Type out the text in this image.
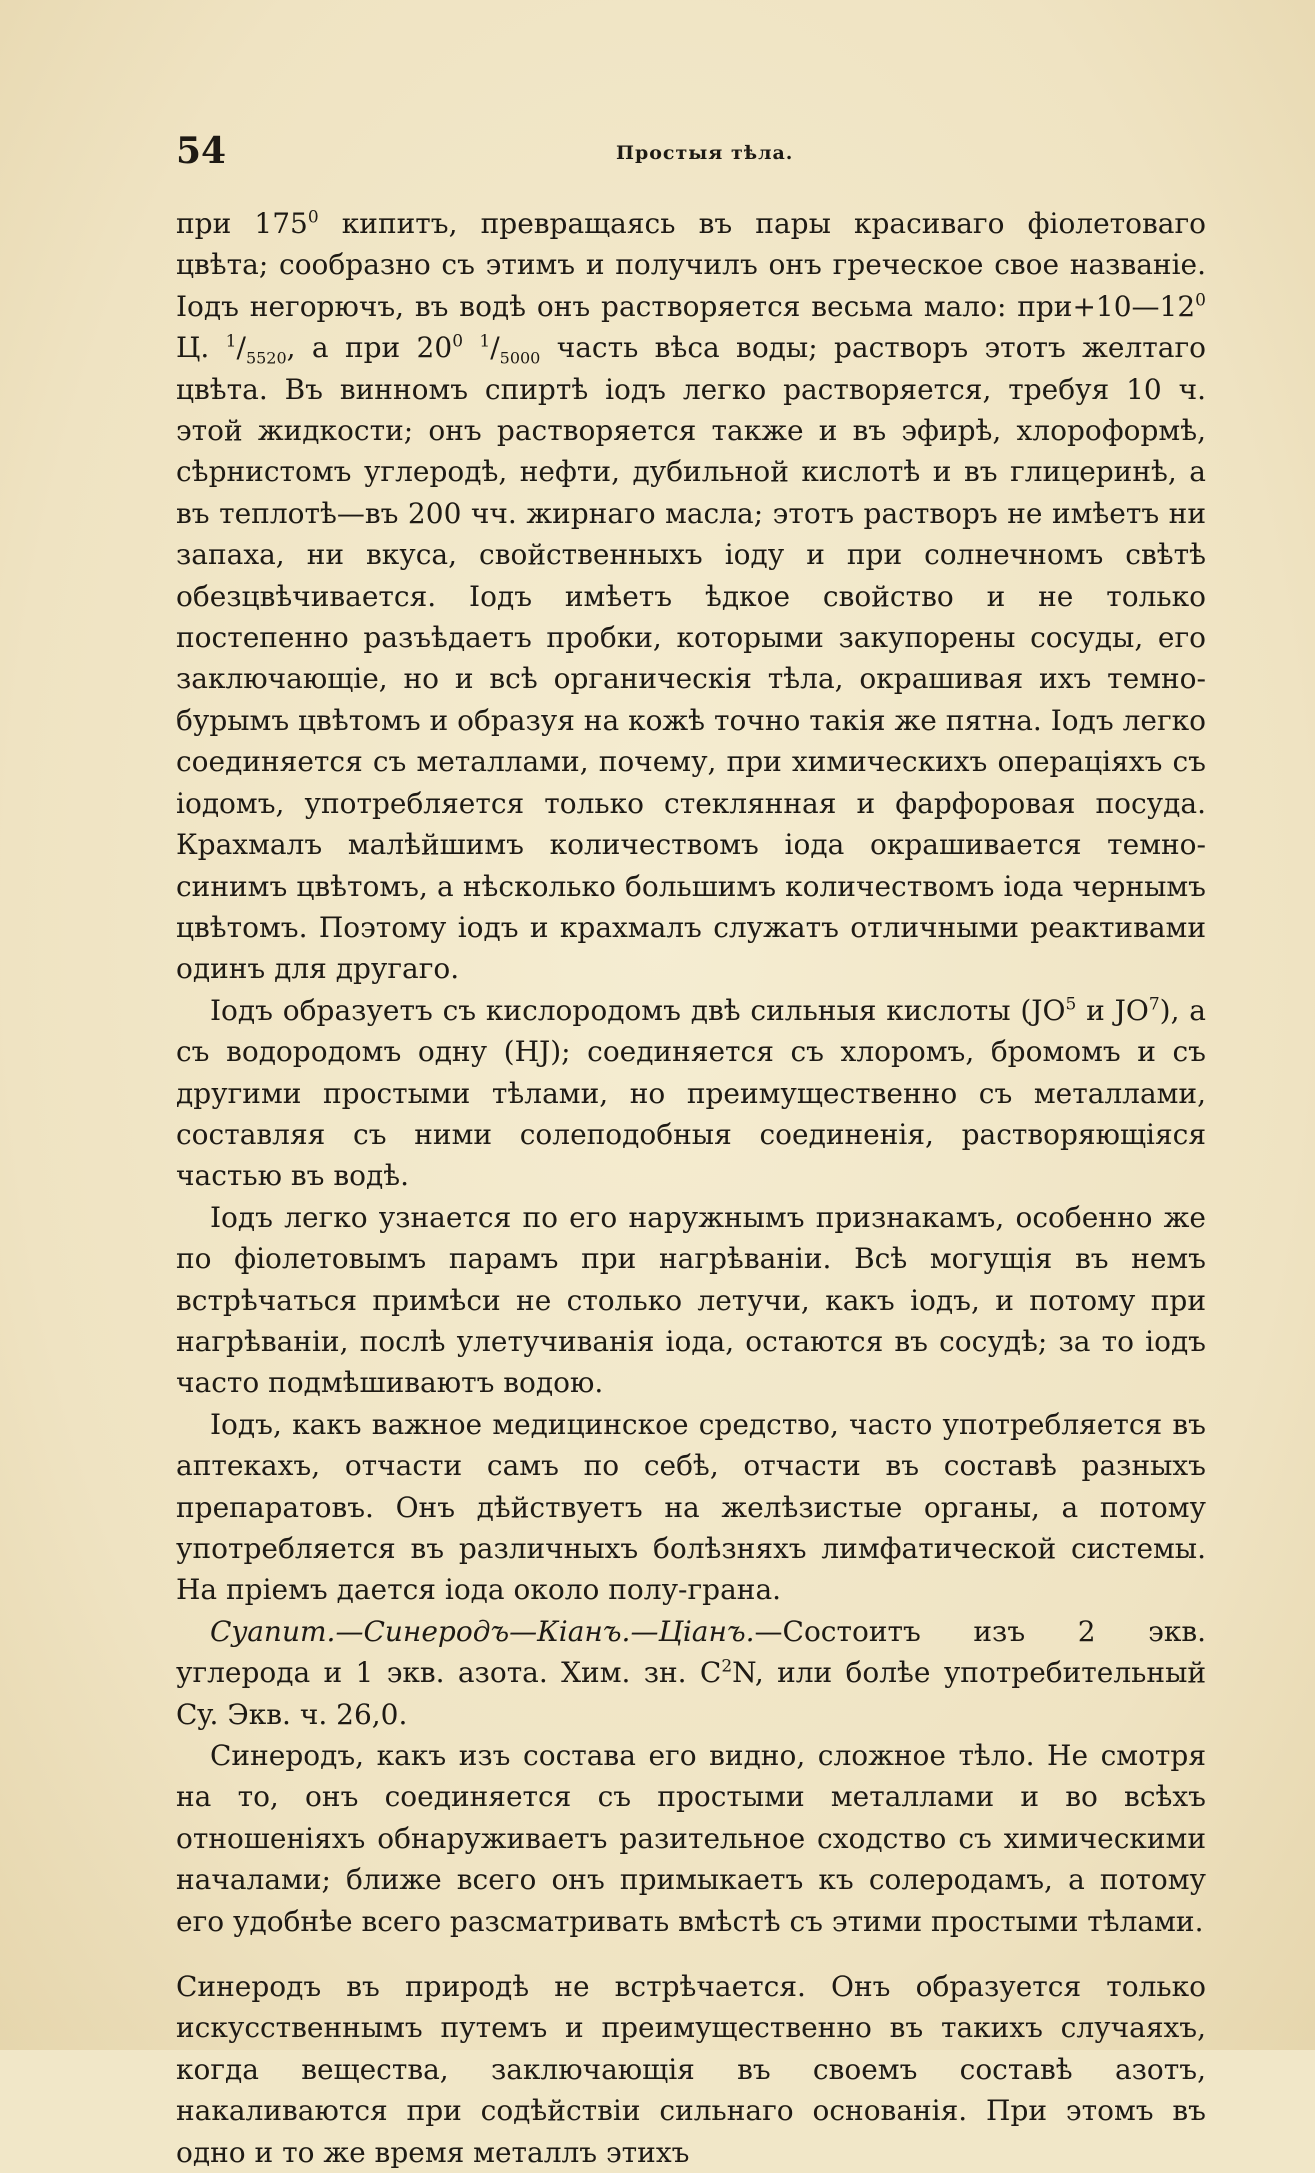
54	Простыя тѣла.

при $175^0$ кипитъ, превращаясь въ пары красиваго фіолетоваго цвѣта; сообразно съ этимъ и получилъ онъ греческое свое названіе. Іодъ негорючъ, въ водѣ онъ растворяется весьма мало: $при+10—12^0$ Ц. $^1/_{5520}$, а при $20^0$ $^1/_{5000}$ часть вѣса воды; растворъ этотъ желтаго цвѣта. Въ винномъ спиртѣ іодъ легко растворяется, требуя 10 ч. этой жидкости; онъ растворяется также и въ эфирѣ, хлороформѣ, сѣрнистомъ углеродѣ, нефти, дубильной кислотѣ и въ глицеринѣ, а въ теплотѣ—въ 200 чч. жирнаго масла; этотъ растворъ не имѣетъ ни запаха, ни вкуса, свойственныхъ іоду и при солнечномъ свѣтѣ обезцвѣчивается. Іодъ имѣетъ ѣдкое свойство и не только постепенно разъѣдаетъ пробки, которыми закупорены сосуды, его заключающіе, но и всѣ органическія тѣла, окрашивая ихъ темно-бурымъ цвѣтомъ и образуя на кожѣ точно такія же пятна. Іодъ легко соединяется съ металлами, почему, при химическихъ операціяхъ съ іодомъ, употребляется только стеклянная и фарфоровая посуда. Крахмалъ малѣйшимъ количествомъ іода окрашивается темно-синимъ цвѣтомъ, а нѣсколько большимъ количествомъ іода чернымъ цвѣтомъ. Поэтому іодъ и крахмалъ служатъ отличными реактивами одинъ для другаго.

Іодъ образуетъ съ кислородомъ двѣ сильныя кислоты ($JO^5$ и $JO^7$), а съ водородомъ одну (HJ); соединяется съ хлоромъ, бромомъ и съ другими простыми тѣлами, но преимущественно съ металлами, составляя съ ними солеподобныя соединенія, растворяющіяся частью въ водѣ.

Іодъ легко узнается по его наружнымъ признакамъ, особенно же по фіолетовымъ парамъ при нагрѣваніи. Всѣ могущія въ немъ встрѣчаться примѣси не столько летучи, какъ іодъ, и потому при нагрѣваніи, послѣ улетучиванія іода, остаются въ сосудѣ; за то іодъ часто подмѣшиваютъ водою.

Іодъ, какъ важное медицинское средство, часто употребляется въ аптекахъ, отчасти самъ по себѣ, отчасти въ составѣ разныхъ препаратовъ. Онъ дѣйствуетъ на желѣзистые органы, а потому употребляется въ различныхъ болѣзняхъ лимфатической системы. На пріемъ дается іода около полу-грана.

Cyanum.—Синеродъ—Кіанъ.—Ціанъ.—Состоитъ изъ 2 экв. углерода и 1 экв. азота. Хим. зн. $C^2N$, или болѣе употребительный Cy. Экв. ч. 26,0.

Синеродъ, какъ изъ состава его видно, сложное тѣло. Не смотря на то, онъ соединяется съ простыми металлами и во всѣхъ отношеніяхъ обнаруживаетъ разительное сходство съ химическими началами; ближе всего онъ примыкаетъ къ солеродамъ, а потому его удобнѣе всего разсматривать вмѣстѣ съ этими простыми тѣлами.

Синеродъ въ природѣ не встрѣчается. Онъ образуется только искусственнымъ путемъ и преимущественно въ такихъ случаяхъ, когда вещества, заключающія въ своемъ составѣ азотъ, накаливаются при содѣйствіи сильнаго основанія. При этомъ въ одно и то же время металлъ этихъ
